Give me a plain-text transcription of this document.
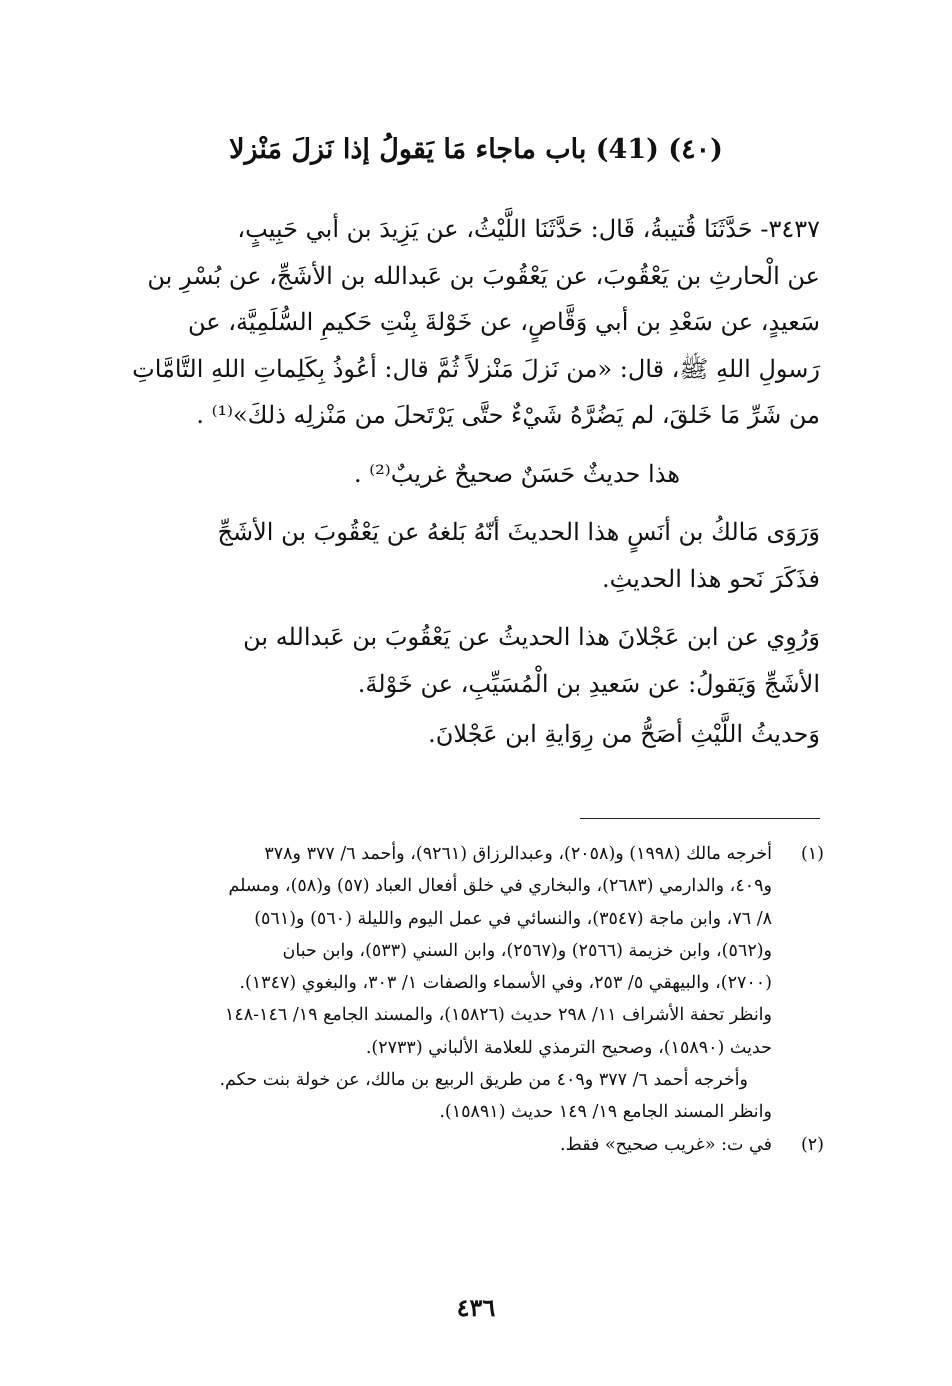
(٤٠) (41) باب ماجاء مَا يَقولُ إذا نَزلَ مَنْزلا

٣٤٣٧- حَدَّثَنَا قُتيبةُ، قَال: حَدَّثَنَا اللَّيْثُ، عن يَزِيدَ بن أبي حَبِيبٍ،

عن الْحارثِ بن يَعْقُوبَ، عن يَعْقُوبَ بن عَبدالله بن الأشَجِّ، عن بُسْرِ بن

سَعيدٍ، عن سَعْدِ بن أبي وَقَّاصٍ، عن خَوْلةَ بِنْتِ حَكيمِ السُّلَمِيَّة، عن

رَسولِ اللهِ ﷺ، قال: «من نَزلَ مَنْزلاً ثُمَّ قال: أعُوذُ بِكَلِماتِ اللهِ التَّامَّاتِ

من شَرِّ مَا خَلقَ، لم يَضُرَّهُ شَيْءٌ حتَّى يَرْتَحلَ من مَنْزلِه ذلكَ»⁽¹⁾ .

هذا حديثٌ حَسَنٌ صحيحٌ غريبٌ⁽²⁾ .

وَرَوَى مَالكُ بن أنَسٍ هذا الحديثَ أنّهُ بَلغهُ عن يَعْقُوبَ بن الأشَجِّ

فذَكَرَ نَحو هذا الحديثِ.

وَرُوِي عن ابن عَجْلانَ هذا الحديثُ عن يَعْقُوبَ بن عَبدالله بن

الأشَجِّ وَيَقولُ: عن سَعيدِ بن الْمُسَيِّبِ، عن خَوْلةَ.

وَحديثُ اللَّيْثِ أصَحُّ من رِوَايةِ ابن عَجْلانَ.

(١)

أخرجه مالك (١٩٩٨) و(٢٠٥٨)، وعبدالرزاق (٩٢٦١)، وأحمد ٦/ ٣٧٧ و٣٧٨

و٤٠٩، والدارمي (٢٦٨٣)، والبخاري في خلق أفعال العباد (٥٧) و(٥٨)، ومسلم

٨/ ٧٦، وابن ماجة (٣٥٤٧)، والنسائي في عمل اليوم والليلة (٥٦٠) و(٥٦١)

و(٥٦٢)، وابن خزيمة (٢٥٦٦) و(٢٥٦٧)، وابن السني (٥٣٣)، وابن حبان

(٢٧٠٠)، والبيهقي ٥/ ٢٥٣، وفي الأسماء والصفات ١/ ٣٠٣، والبغوي (١٣٤٧).

وانظر تحفة الأشراف ١١/ ٢٩٨ حديث (١٥٨٢٦)، والمسند الجامع ١٩/ ١٤٦-١٤٨

حديث (١٥٨٩٠)، وصحيح الترمذي للعلامة الألباني (٢٧٣٣).

وأخرجه أحمد ٦/ ٣٧٧ و٤٠٩ من طريق الربيع بن مالك، عن خولة بنت حكم.

وانظر المسند الجامع ١٩/ ١٤٩ حديث (١٥٨٩١).

(٢)

في ت: «غريب صحيح» فقط.

٤٣٦
